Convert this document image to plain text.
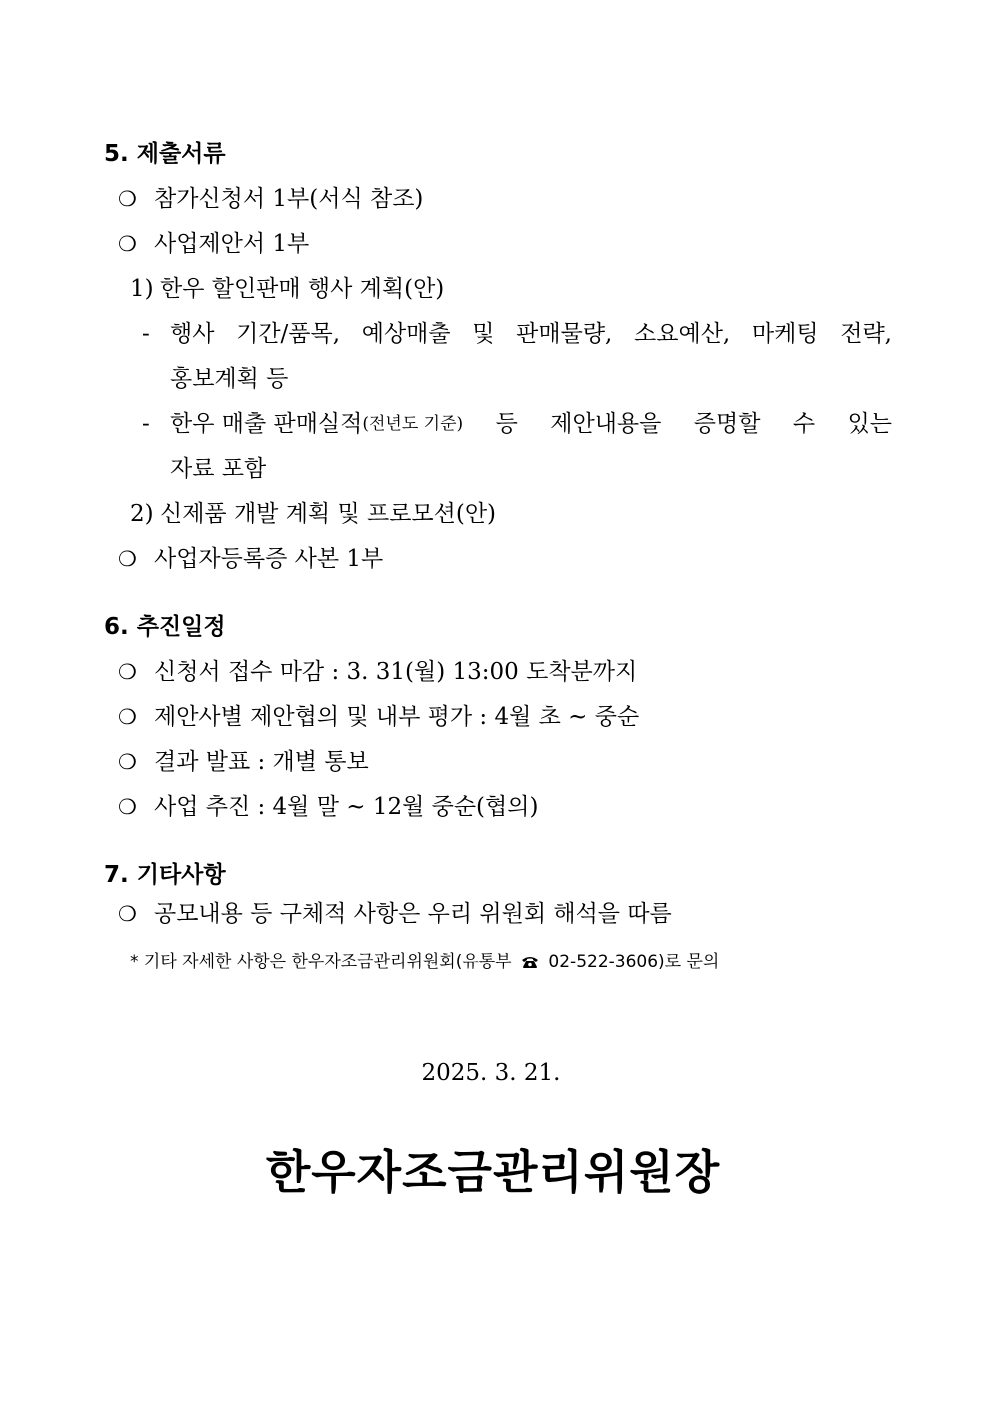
5. 제출서류
❍ 참가신청서 1부(서식 참조)
❍ 사업제안서 1부
1) 한우 할인판매 행사 계획(안)
- 행사 기간/품목, 예상매출 및 판매물량, 소요예산, 마케팅 전략,
홍보계획 등
- 한우 매출 판매실적 (전년도 기준) 등 제안내용을 증명할 수 있는
자료 포함
2) 신제품 개발 계획 및 프로모션(안)
❍ 사업자등록증 사본 1부
6. 추진일정
❍ 신청서 접수 마감 : 3. 31(월) 13:00 도착분까지
❍ 제안사별 제안협의 및 내부 평가 : 4월 초 ~ 중순
❍ 결과 발표 : 개별 통보
❍ 사업 추진 : 4월 말 ~ 12월 중순(협의)
7. 기타사항
❍ 공모내용 등 구체적 사항은 우리 위원회 해석을 따름
* 기타 자세한 사항은 한우자조금관리위원회(유통부 02-522-3606)로 문의
2025. 3. 21.
한우자조금관리위원장
